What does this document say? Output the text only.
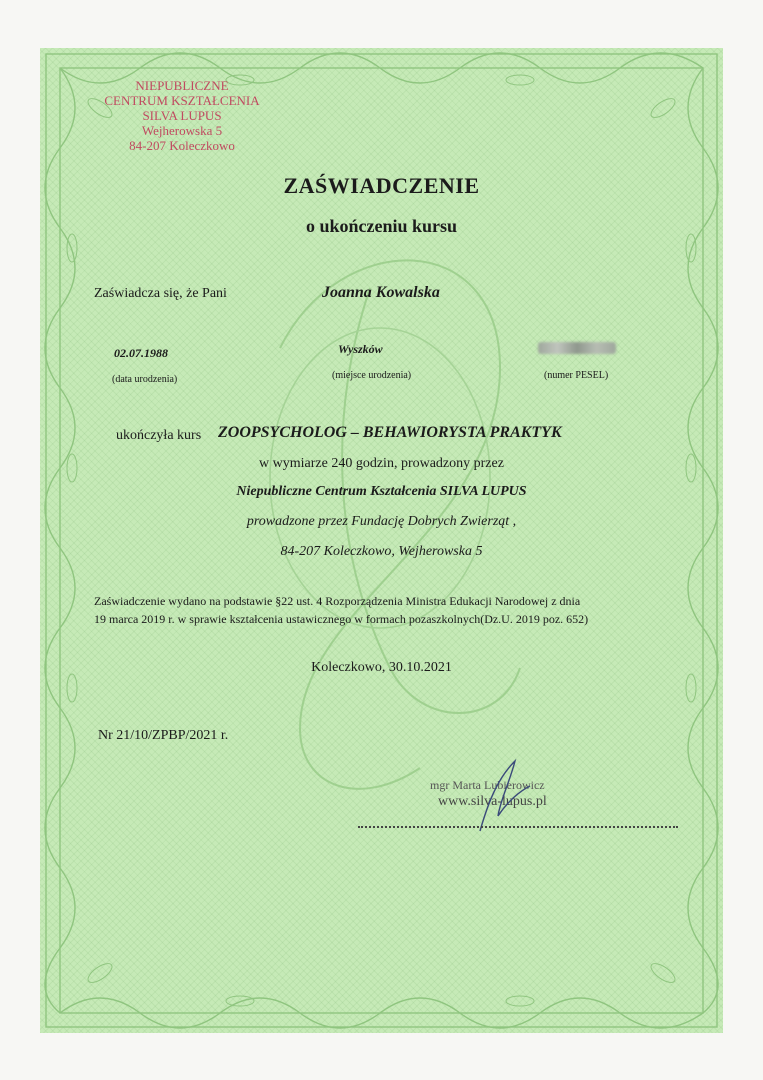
NIEPUBLICZNE
CENTRUM KSZTAŁCENIA
SILVA LUPUS
Wejherowska 5
84-207 Koleczkowo
ZAŚWIADCZENIE
o ukończeniu kursu
Zaświadcza się, że Pani	Joanna Kowalska
02.07.1988
(data urodzenia)
Wyszków
(miejsce urodzenia)	(numer PESEL)
ukończyła kurs ZOOPSYCHOLOG – BEHAWIORYSTA PRAKTYK
w wymiarze 240 godzin, prowadzony przez
Niepubliczne Centrum Kształcenia SILVA LUPUS
prowadzone przez Fundację Dobrych Zwierząt ,
84-207 Koleczkowo, Wejherowska 5
Zaświadczenie wydano na podstawie §22 ust. 4 Rozporządzenia Ministra Edukacji Narodowej z dnia
19 marca 2019 r. w sprawie kształcenia ustawicznego w formach pozaszkolnych(Dz.U. 2019 poz. 652)
Koleczkowo, 30.10.2021
Nr 21/10/ZPBP/2021 r.
mgr Marta Lubierowicz
www.silva-lupus.pl
